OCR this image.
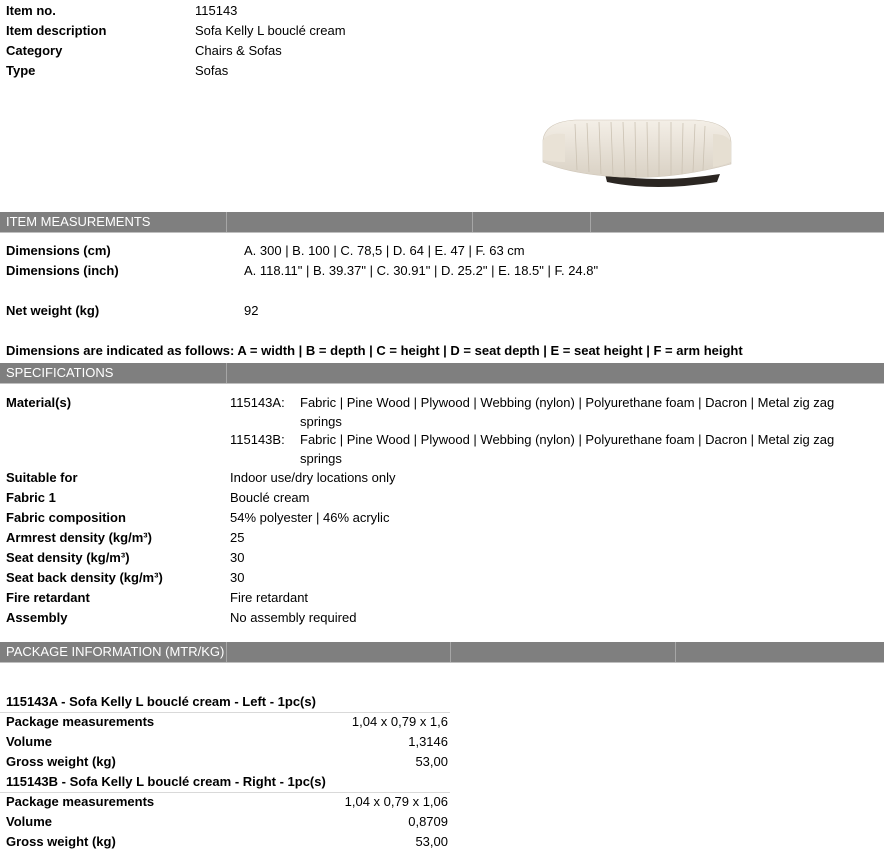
Item no.	115143
Item description	Sofa Kelly L bouclé cream
Category	Chairs & Sofas
Type	Sofas
ITEM MEASUREMENTS
Dimensions (cm)	A. 300 | B. 100 | C. 78,5 | D. 64 | E. 47 | F. 63 cm
Dimensions (inch)	A. 118.11" | B. 39.37" | C. 30.91" | D. 25.2" | E. 18.5" | F. 24.8"
Net weight (kg)	92
Dimensions are indicated as follows: A = width | B = depth | C = height | D = seat depth | E = seat height | F = arm height
SPECIFICATIONS
Material(s)	115143A: Fabric | Pine Wood | Plywood | Webbing (nylon) | Polyurethane foam | Dacron | Metal zig zag
springs
115143B: Fabric | Pine Wood | Plywood | Webbing (nylon) | Polyurethane foam | Dacron | Metal zig zag
springs
Suitable for	Indoor use/dry locations only
Fabric 1	Bouclé cream
Fabric composition	54% polyester | 46% acrylic
Armrest density (kg/m³)	25
Seat density (kg/m³)	30
Seat back density (kg/m³)	30
Fire retardant	Fire retardant
Assembly	No assembly required
PACKAGE INFORMATION (MTR/KG)
115143A - Sofa Kelly L bouclé cream - Left - 1pc(s)
Package measurements	1,04 x 0,79 x 1,6
Volume	1,3146
Gross weight (kg)	53,00
115143B - Sofa Kelly L bouclé cream - Right - 1pc(s)
Package measurements	1,04 x 0,79 x 1,06
Volume	0,8709
Gross weight (kg)	53,00
